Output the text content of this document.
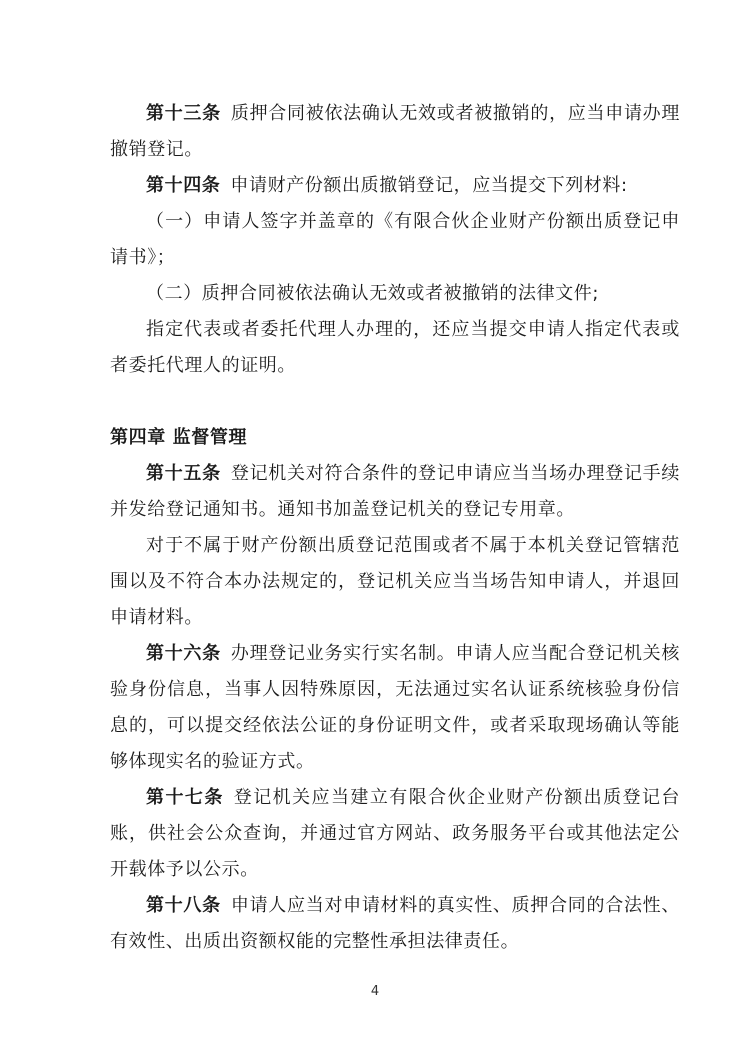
第十三条 质押合同被依法确认无效或者被撤销的，应当申请办理撤销登记。

第十四条 申请财产份额出质撤销登记，应当提交下列材料:

（一）申请人签字并盖章的《有限合伙企业财产份额出质登记申请书》；

（二）质押合同被依法确认无效或者被撤销的法律文件;

指定代表或者委托代理人办理的，还应当提交申请人指定代表或者委托代理人的证明。

第四章 监督管理

第十五条 登记机关对符合条件的登记申请应当当场办理登记手续并发给登记通知书。通知书加盖登记机关的登记专用章。

对于不属于财产份额出质登记范围或者不属于本机关登记管辖范围以及不符合本办法规定的，登记机关应当当场告知申请人，并退回申请材料。

第十六条 办理登记业务实行实名制。申请人应当配合登记机关核验身份信息，当事人因特殊原因，无法通过实名认证系统核验身份信息的，可以提交经依法公证的身份证明文件，或者采取现场确认等能够体现实名的验证方式。

第十七条 登记机关应当建立有限合伙企业财产份额出质登记台账，供社会公众查询，并通过官方网站、政务服务平台或其他法定公开载体予以公示。

第十八条 申请人应当对申请材料的真实性、质押合同的合法性、有效性、出质出资额权能的完整性承担法律责任。

4
